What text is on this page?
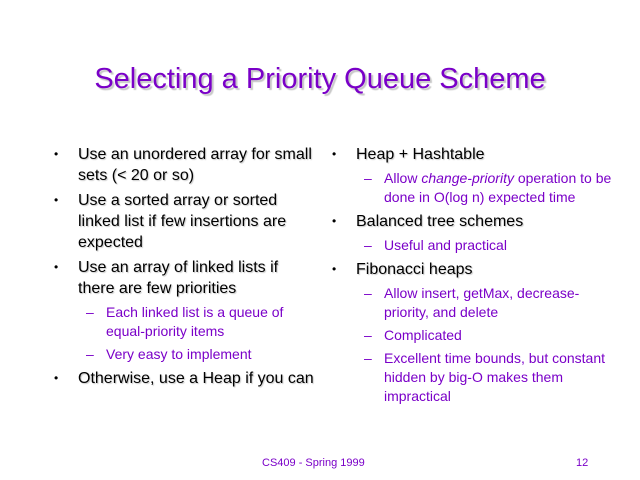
Selecting a Priority Queue Scheme
•	Use an unordered array for small sets (< 20 or so)
•	Use a sorted array or sorted linked list if few insertions are expected
•	Use an array of linked lists if there are few priorities
– Each linked list is a queue of equal-priority items
– Very easy to implement
•	Otherwise, use a Heap if you can
•	Heap + Hashtable
– Allow change-priority operation to be done in O(log n) expected time
•	Balanced tree schemes
– Useful and practical
•	Fibonacci heaps
– Allow insert, getMax, decrease-priority, and delete
– Complicated
– Excellent time bounds, but constant hidden by big-O makes them impractical
CS409 - Spring 1999	12
